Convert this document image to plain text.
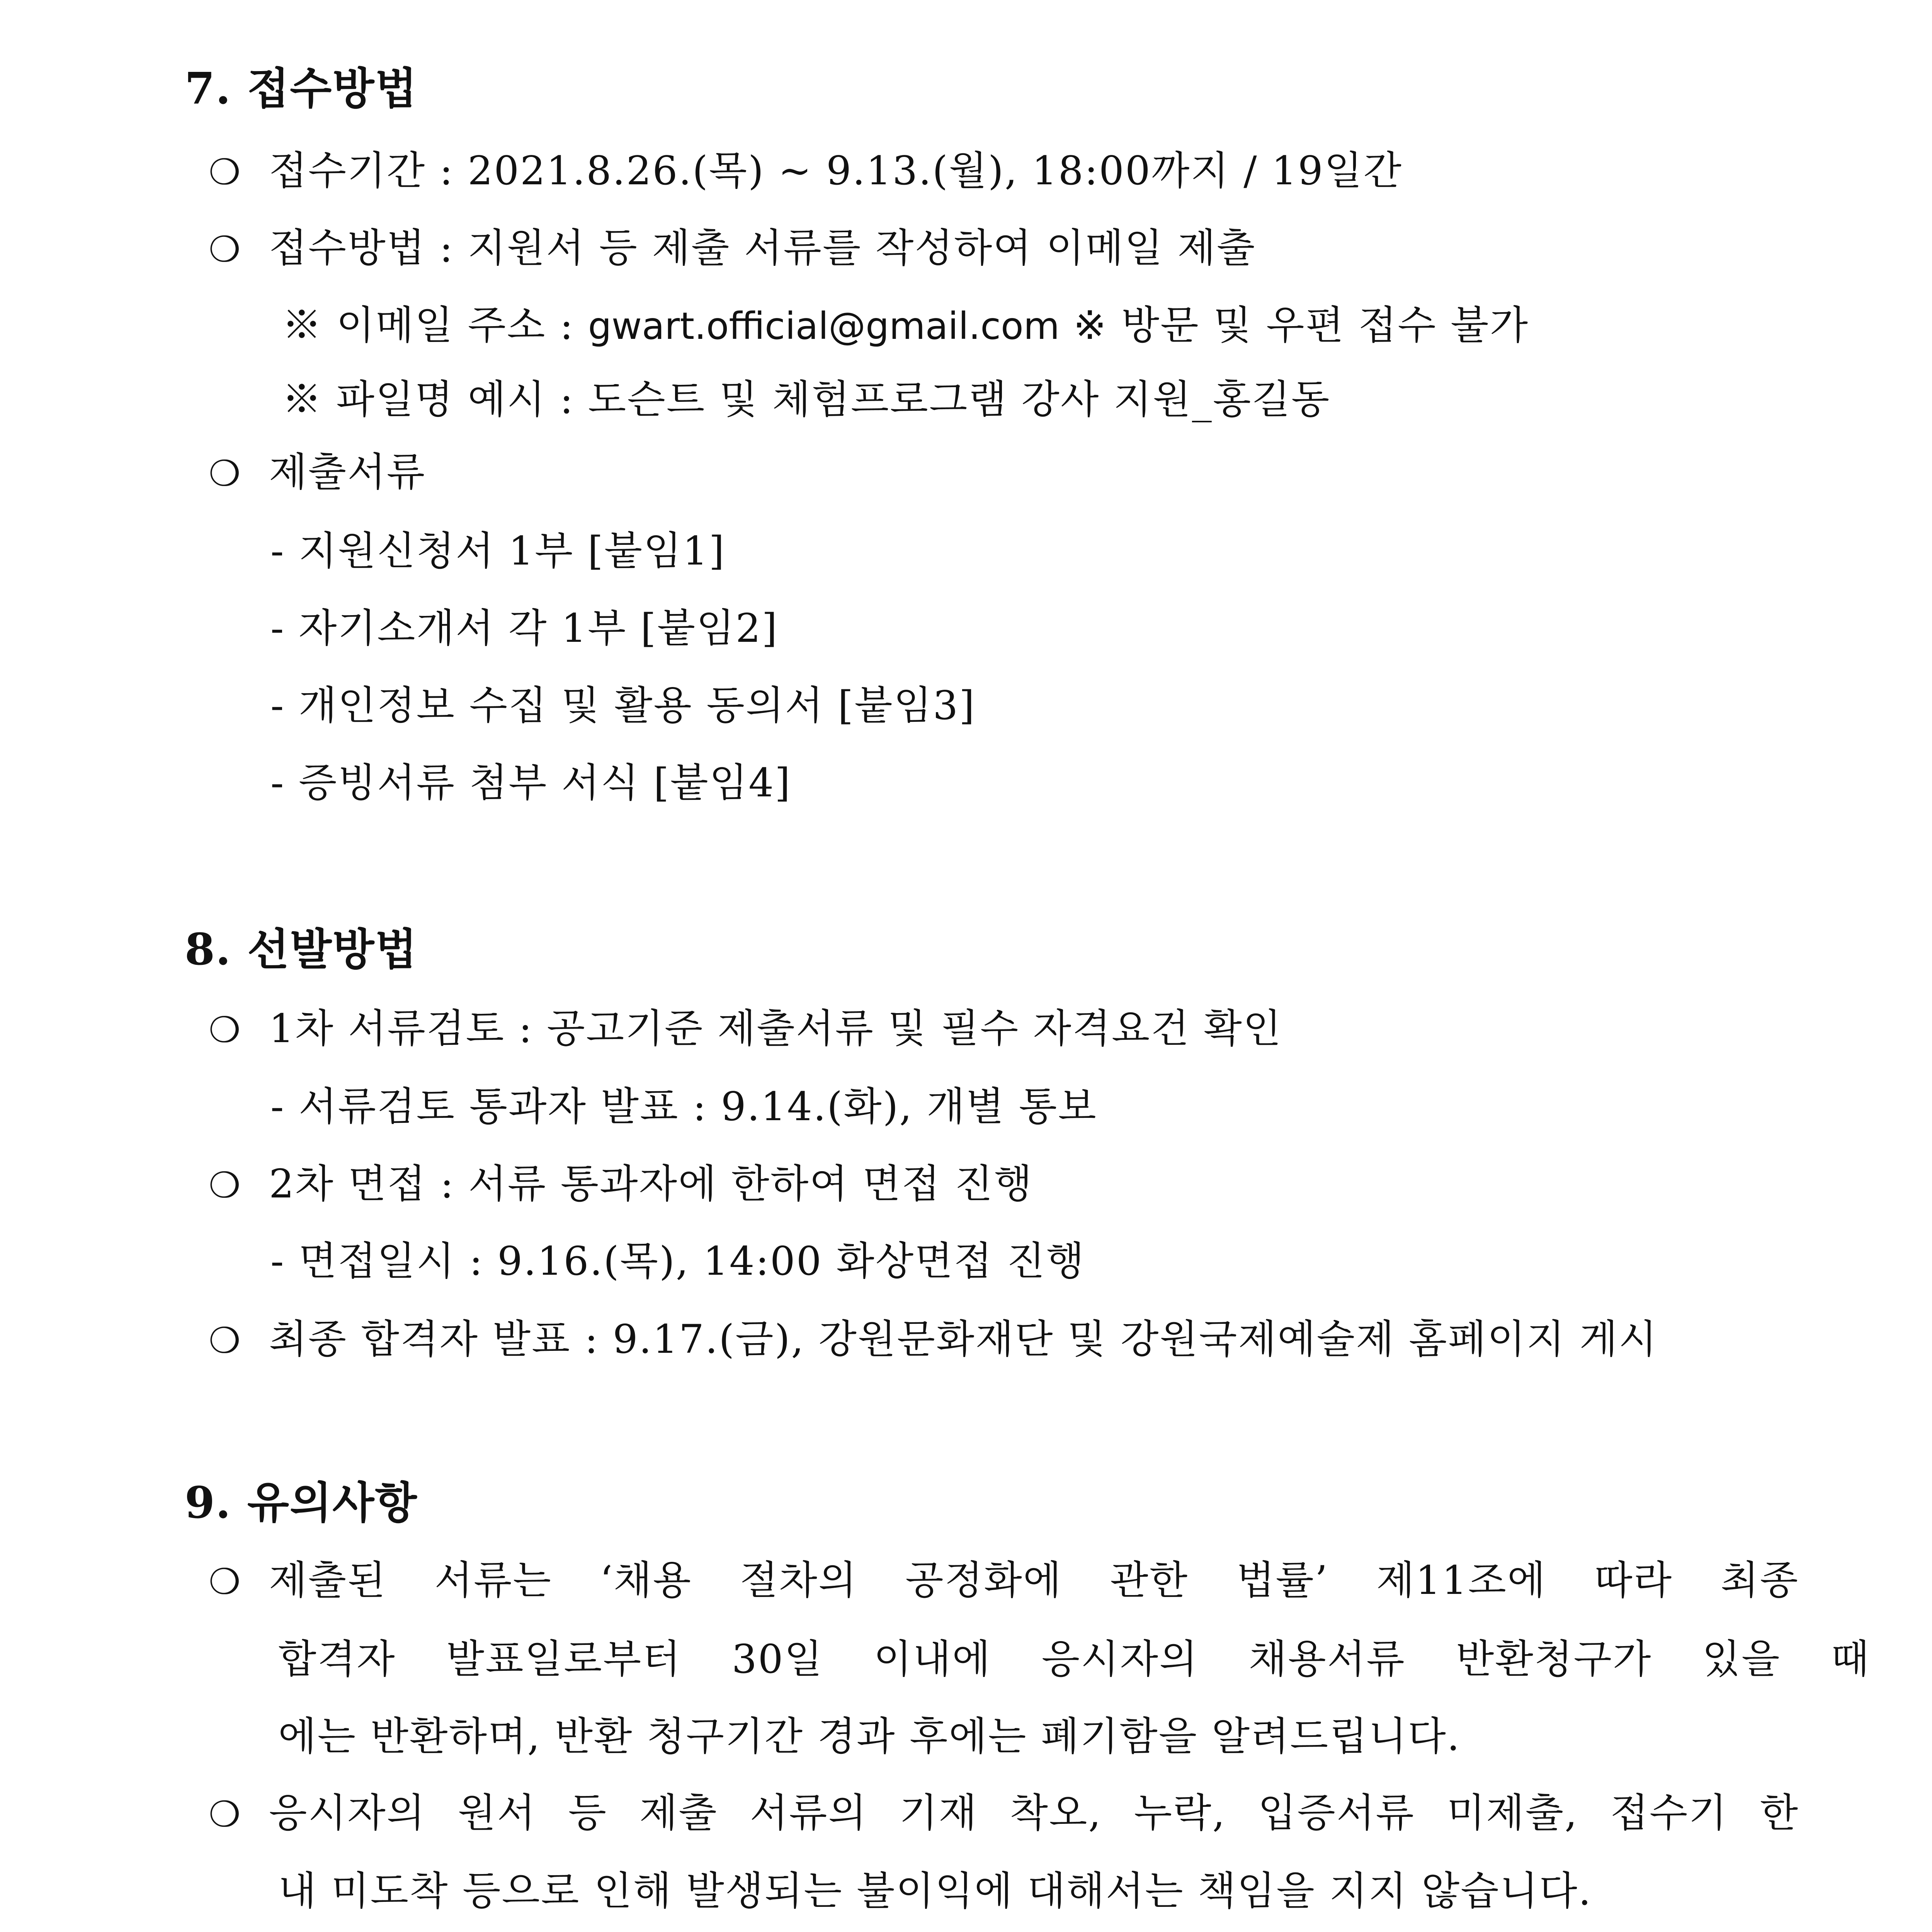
7. 접수방법
❍ 접수기간 : 2021.8.26.(목) ~ 9.13.(월), 18:00까지 / 19일간
❍ 접수방법 : 지원서 등 제출 서류를 작성하여 이메일 제출
※ 이메일 주소 : gwart.official@gmail.com ※ 방문 및 우편 접수 불가
※ 파일명 예시 : 도슨트 및 체험프로그램 강사 지원_홍길동
❍ 제출서류
- 지원신청서 1부 [붙임1]
- 자기소개서 각 1부 [붙임2]
- 개인정보 수집 및 활용 동의서 [붙임3]
- 증빙서류 첨부 서식 [붙임4]
8. 선발방법
❍ 1차 서류검토 : 공고기준 제출서류 및 필수 자격요건 확인
- 서류검토 통과자 발표 : 9.14.(화), 개별 통보
❍ 2차 면접 : 서류 통과자에 한하여 면접 진행
- 면접일시 : 9.16.(목), 14:00 화상면접 진행
❍ 최종 합격자 발표 : 9.17.(금), 강원문화재단 및 강원국제예술제 홈페이지 게시
9. 유의사항
❍ 제출된 서류는 ‘채용 절차의 공정화에 관한 법률’ 제11조에 따라 최종
합격자 발표일로부터 30일 이내에 응시자의 채용서류 반환청구가 있을 때
에는 반환하며, 반환 청구기간 경과 후에는 폐기함을 알려드립니다.
❍ 응시자의 원서 등 제출 서류의 기재 착오, 누락, 입증서류 미제출, 접수기 한
내 미도착 등으로 인해 발생되는 불이익에 대해서는 책임을 지지 않습니다.
